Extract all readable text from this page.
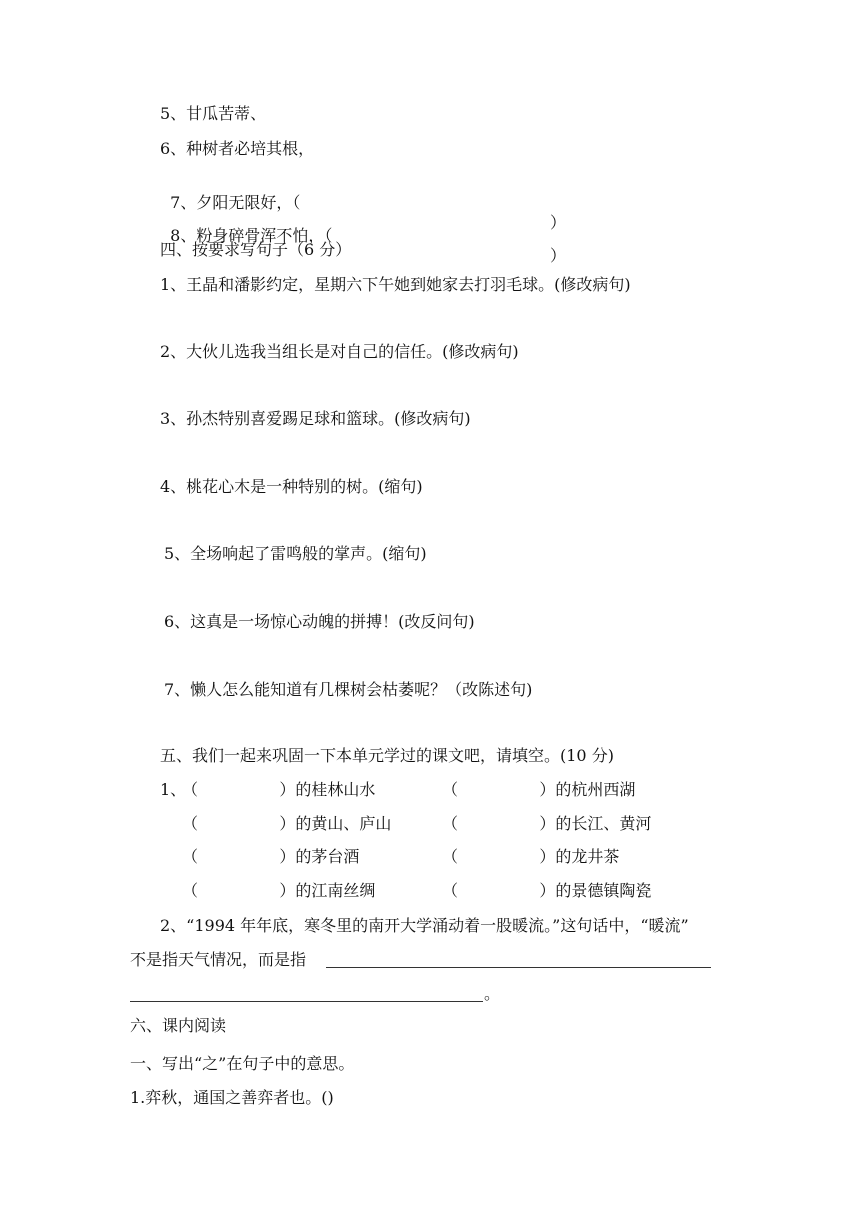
5、甘瓜苦蒂、
6、种树者必培其根，

7、夕阳无限好，（

）

8、粉身碎骨浑不怕，（

）

四、按要求写句子（6 分）
1、王晶和潘影约定，星期六下午她到她家去打羽毛球。(修改病句)
2、大伙儿选我当组长是对自己的信任。(修改病句)
3、孙杰特别喜爱踢足球和篮球。(修改病句)
4、桃花心木是一种特别的树。(缩句)
5、全场响起了雷鸣般的掌声。(缩句)
6、这真是一场惊心动魄的拼搏！(改反问句)
7、懒人怎么能知道有几棵树会枯萎呢？（改陈述句)
五、我们一起来巩固一下本单元学过的课文吧，请填空。(10 分)
1、
（                ）的桂林山水	（                ）的杭州西湖
（                ）的黄山、庐山	（                ）的长江、黄河
（                ）的茅台酒	（                ）的龙井茶
（                ）的江南丝绸	（                ）的景德镇陶瓷
2、“1994 年年底，寒冬里的南开大学涌动着一股暖流。”这句话中，“暖流”
不是指天气情况，而是指
。
六、课内阅读
一、写出“之”在句子中的意思。
1.弈秋，通国之善弈者也。()
